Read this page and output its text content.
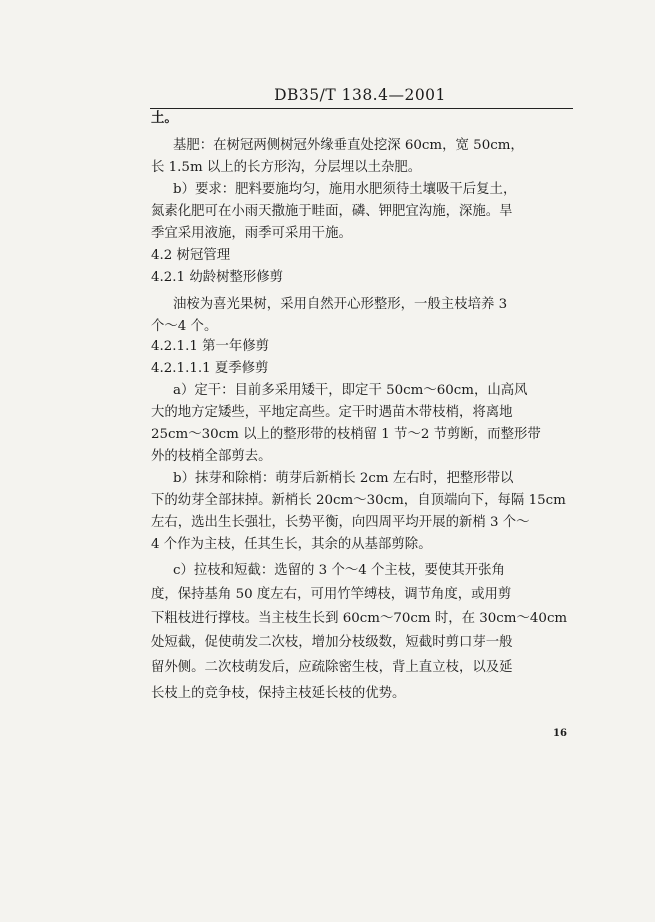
DB35/T 138.4—2001
土。
基肥：在树冠两侧树冠外缘垂直处挖深 60cm，宽 50cm，
长 1.5m 以上的长方形沟，分层埋以土杂肥。
b）要求：肥料要施均匀，施用水肥须待土壤吸干后复土，
氮素化肥可在小雨天撒施于畦面，磷、钾肥宜沟施，深施。旱
季宜采用液施，雨季可采用干施。
4.2 树冠管理
4.2.1 幼龄树整形修剪
油桉为喜光果树，采用自然开心形整形，一般主枝培养 3
个～4 个。
4.2.1.1 第一年修剪
4.2.1.1.1 夏季修剪
a）定干：目前多采用矮干，即定干 50cm～60cm，山高风
大的地方定矮些，平地定高些。定干时遇苗木带枝梢，将离地
25cm～30cm 以上的整形带的枝梢留 1 节～2 节剪断，而整形带
外的枝梢全部剪去。
b）抹芽和除梢：萌芽后新梢长 2cm 左右时，把整形带以
下的幼芽全部抹掉。新梢长 20cm～30cm，自顶端向下，每隔 15cm
左右，选出生长强壮，长势平衡，向四周平均开展的新梢 3 个～
4 个作为主枝，任其生长，其余的从基部剪除。
c）拉枝和短截：选留的 3 个～4 个主枝，要使其开张角
度，保持基角 50 度左右，可用竹竿缚枝，调节角度，或用剪
下粗枝进行撑枝。当主枝生长到 60cm～70cm 时，在 30cm～40cm
处短截，促使萌发二次枝，增加分枝级数，短截时剪口芽一般
留外侧。二次枝萌发后，应疏除密生枝，背上直立枝，以及延
长枝上的竞争枝，保持主枝延长枝的优势。
16
